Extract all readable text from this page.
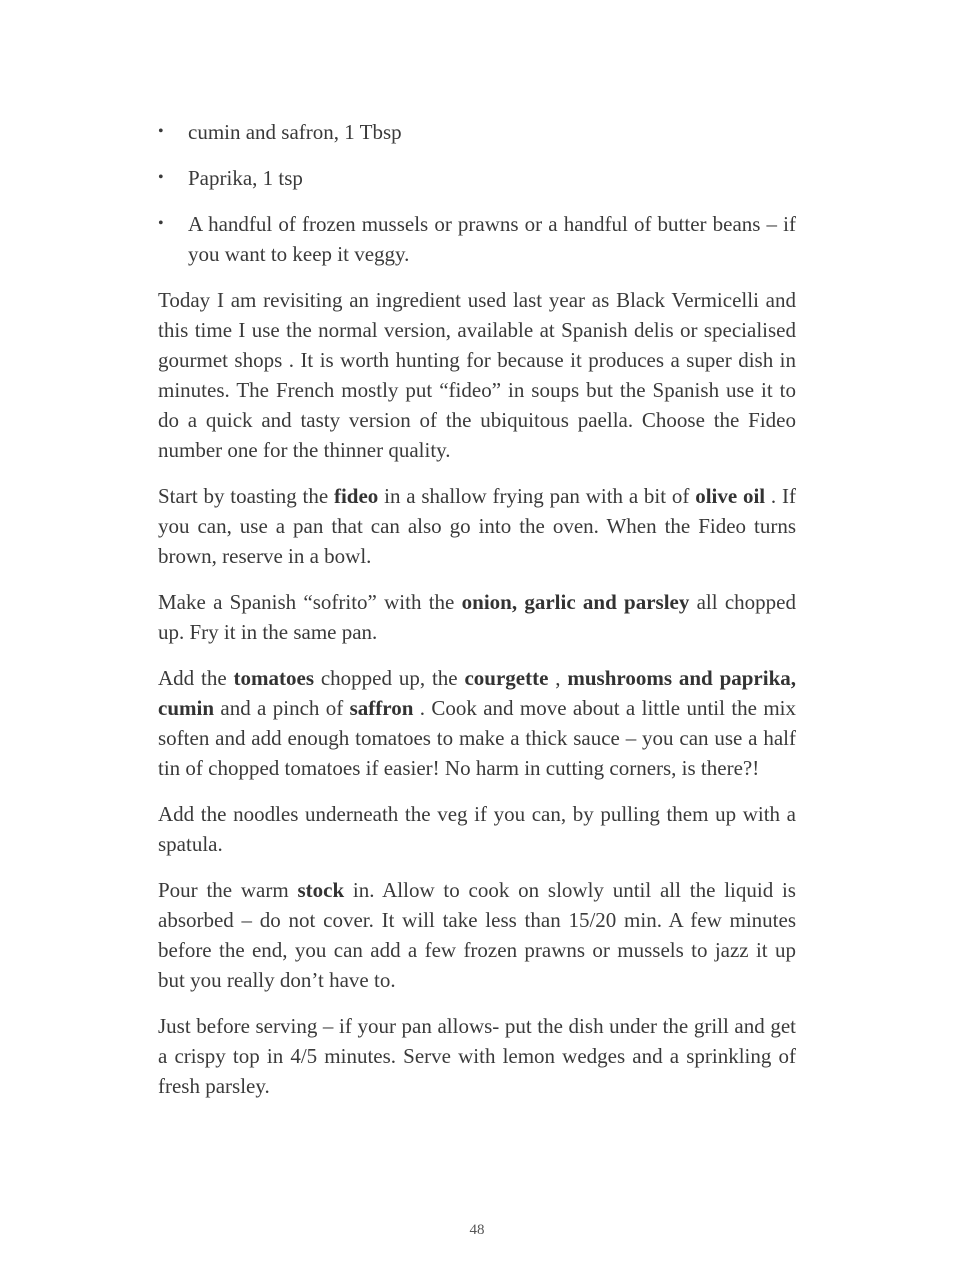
• cumin and safron, 1 Tbsp
• Paprika, 1 tsp
• A handful of frozen mussels or prawns or a handful of butter beans – if you want to keep it veggy.

Today I am revisiting an ingredient used last year as Black Vermicelli and this time I use the normal version, available at Spanish delis or specialised gourmet shops . It is worth hunting for because it produces a super dish in minutes. The French mostly put “fideo” in soups but the Spanish use it to do a quick and tasty version of the ubiquitous paella. Choose the Fideo number one for the thinner quality.

Start by toasting the fideo in a shallow frying pan with a bit of olive oil . If you can, use a pan that can also go into the oven. When the Fideo turns brown, reserve in a bowl.

Make a Spanish “sofrito” with the onion, garlic and parsley all chopped up. Fry it in the same pan.

Add the tomatoes chopped up, the courgette , mushrooms and paprika, cumin and a pinch of saffron . Cook and move about a little until the mix soften and add enough tomatoes to make a thick sauce – you can use a half tin of chopped tomatoes if easier! No harm in cutting corners, is there?!

Add the noodles underneath the veg if you can, by pulling them up with a spatula.

Pour the warm stock in. Allow to cook on slowly until all the liquid is absorbed – do not cover. It will take less than 15/20 min. A few minutes before the end, you can add a few frozen prawns or mussels to jazz it up but you really don’t have to.

Just before serving – if your pan allows- put the dish under the grill and get a crispy top in 4/5 minutes. Serve with lemon wedges and a sprinkling of fresh parsley.

48
